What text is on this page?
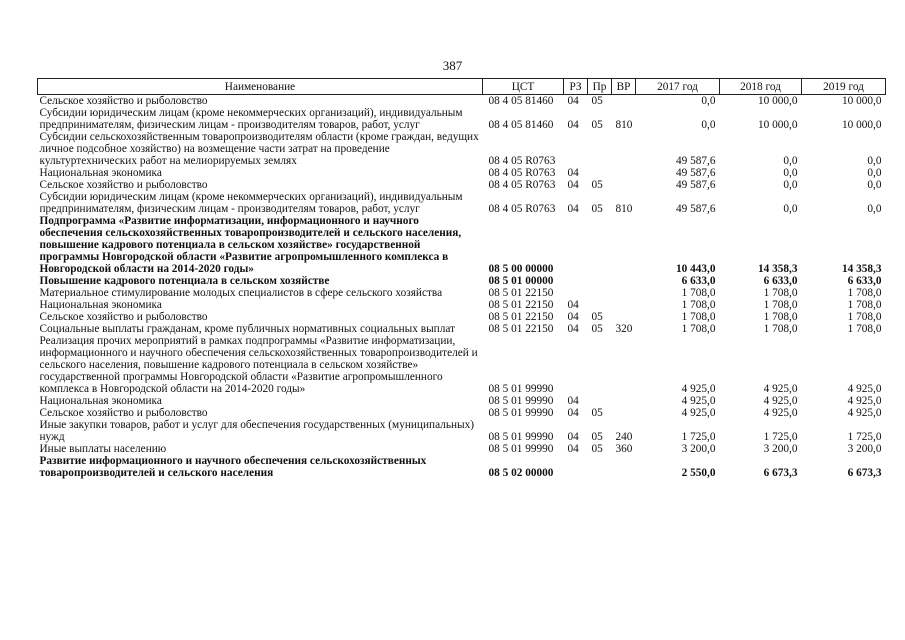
387
Наименование	ЦСТ	РЗ	Пр	ВР	2017 год	2018 год	2019 год
Сельское хозяйство и рыболовство	08 4 05 81460	04	05		0,0	10 000,0	10 000,0
Субсидии юридическим лицам (кроме некоммерческих организаций), индивидуальным предпринимателям, физическим лицам - производителям товаров, работ, услуг	08 4 05 81460	04	05	810	0,0	10 000,0	10 000,0
Субсидии сельскохозяйственным товаропроизводителям области (кроме граждан, ведущих личное подсобное хозяйство) на возмещение части затрат на проведение культуртехнических работ на мелиорируемых землях	08 4 05 R0763				49 587,6	0,0	0,0
Национальная экономика	08 4 05 R0763	04			49 587,6	0,0	0,0
Сельское хозяйство и рыболовство	08 4 05 R0763	04	05		49 587,6	0,0	0,0
Субсидии юридическим лицам (кроме некоммерческих организаций), индивидуальным предпринимателям, физическим лицам - производителям товаров, работ, услуг	08 4 05 R0763	04	05	810	49 587,6	0,0	0,0
Подпрограмма «Развитие информатизации, информационного и научного обеспечения сельскохозяйственных товаропроизводителей и сельского населения, повышение кадрового потенциала в сельском хозяйстве» государственной программы Новгородской области «Развитие агропромышленного комплекса в Новгородской области на 2014-2020 годы»	08 5 00 00000				10 443,0	14 358,3	14 358,3
Повышение кадрового потенциала в сельском хозяйстве	08 5 01 00000				6 633,0	6 633,0	6 633,0
Материальное стимулирование молодых специалистов в сфере сельского хозяйства	08 5 01 22150				1 708,0	1 708,0	1 708,0
Национальная экономика	08 5 01 22150	04			1 708,0	1 708,0	1 708,0
Сельское хозяйство и рыболовство	08 5 01 22150	04	05		1 708,0	1 708,0	1 708,0
Социальные выплаты гражданам, кроме публичных нормативных социальных выплат	08 5 01 22150	04	05	320	1 708,0	1 708,0	1 708,0
Реализация прочих мероприятий в рамках подпрограммы «Развитие информатизации, информационного и научного обеспечения сельскохозяйственных товаропроизводителей и сельского населения, повышение кадрового потенциала в сельском хозяйстве» государственной программы Новгородской области «Развитие агропромышленного комплекса в Новгородской области на 2014-2020 годы»	08 5 01 99990				4 925,0	4 925,0	4 925,0
Национальная экономика	08 5 01 99990	04			4 925,0	4 925,0	4 925,0
Сельское хозяйство и рыболовство	08 5 01 99990	04	05		4 925,0	4 925,0	4 925,0
Иные закупки товаров, работ и услуг для обеспечения государственных (муниципальных) нужд	08 5 01 99990	04	05	240	1 725,0	1 725,0	1 725,0
Иные выплаты населению	08 5 01 99990	04	05	360	3 200,0	3 200,0	3 200,0
Развитие информационного и научного обеспечения сельскохозяйственных товаропроизводителей и сельского населения	08 5 02 00000				2 550,0	6 673,3	6 673,3
